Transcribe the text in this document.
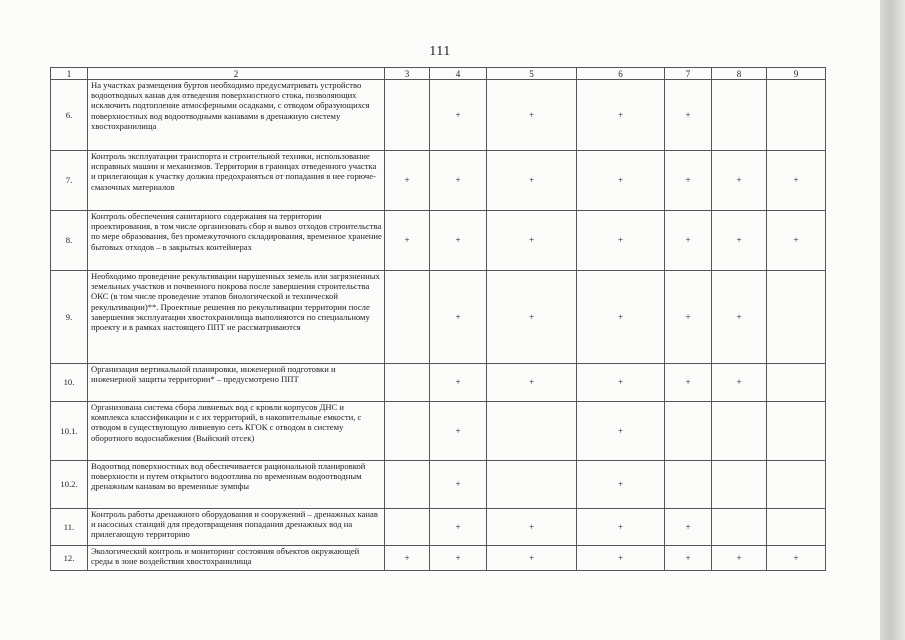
111
1	2	3	4	5	6	7	8	9
6.	На участках размещения буртов необходимо предусматривать устройство водоотводных канав для отведения поверхностного стока, позволяющих исключить подтопление атмосферными осадками, с отводом образующихся поверхностных вод водоотводными канавами в дренажную систему хвостохранилища		+	+	+	+		
7.	Контроль эксплуатации транспорта и строительной техники, использование исправных машин и механизмов. Территория в границах отведенного участка и прилегающая к участку должна предохраняться от попадания в нее горюче-смазочных материалов	+	+	+	+	+	+	+
8.	Контроль обеспечения санитарного содержания на территории проектирования, в том числе организовать сбор и вывоз отходов строительства по мере образования, без промежуточного складирования, временное хранение бытовых отходов – в закрытых контейнерах	+	+	+	+	+	+	+
9.	Необходимо проведение рекультивации нарушенных земель или загрязненных земельных участков и почвенного покрова после завершения строительства ОКС (в том числе проведение этапов биологической и технической рекультивации)**. Проектные решения по рекультивации территории после завершения эксплуатации хвостохранилища выполняются по специальному проекту и в рамках настоящего ППТ не рассматриваются		+	+	+	+	+	
10.	Организация вертикальной планировки, инженерной подготовки и инженерной защиты территории* – предусмотрено ППТ		+	+	+	+	+	
10.1.	Организована система сбора ливневых вод с кровли корпусов ДНС и комплекса классификации и с их территорий, в накопительные емкости, с отводом в существующую ливневую сеть КГОК с отводом в систему оборотного водоснабжения (Выйский отсек)		+		+			
10.2.	Водоотвод поверхностных вод обеспечивается рациональной планировкой поверхности и путем открытого водоотлива по временным водоотводным дренажным канавам во временные зумпфы		+		+			
11.	Контроль работы дренажного оборудования и сооружений – дренажных канав и насосных станций для предотвращения попадания дренажных вод на прилегающую территорию		+	+	+	+		
12.	Экологический контроль и мониторинг состояния объектов окружающей среды в зоне воздействия хвостохранилища	+	+	+	+	+	+	+
